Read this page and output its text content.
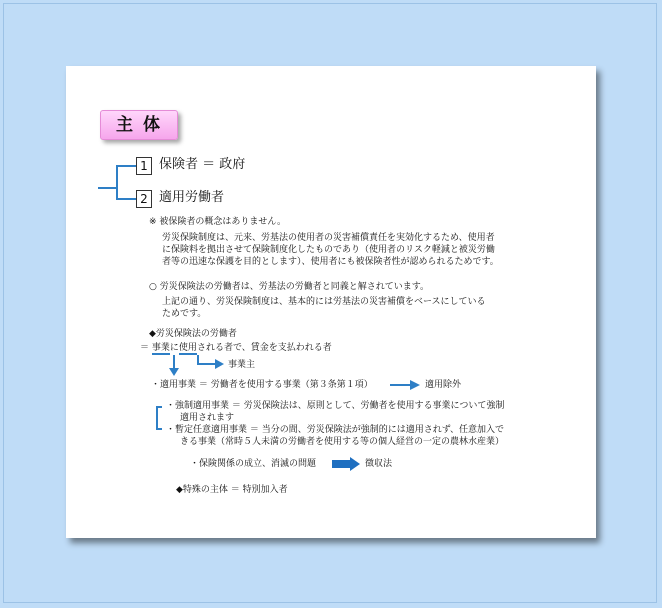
主 体
1 保険者 ＝ 政府
2 適用労働者
※ 被保険者の概念はありません。
労災保険制度は、元来、労基法の使用者の災害補償責任を実効化するため、使用者
に保険料を拠出させて保険制度化したものであり（使用者のリスク軽減と被災労働
者等の迅速な保護を目的とします）、使用者にも被保険者性が認められるためです。
○ 労災保険法の労働者は、労基法の労働者と同義と解されています。
上記の通り、労災保険制度は、基本的には労基法の災害補償をベースにしている
ためです。
◆労災保険法の労働者
＝ 事業に使用される者で、賃金を支払われる者
事業主
・適用事業 ＝ 労働者を使用する事業（第３条第１項）	適用除外
・強制適用事業 ＝ 労災保険法は、原則として、労働者を使用する事業について強制
適用されます
・暫定任意適用事業 ＝ 当分の間、労災保険法が強制的には適用されず、任意加入で
きる事業（常時５人未満の労働者を使用する等の個人経営の一定の農林水産業）
・保険関係の成立、消滅の問題	徴収法
◆特殊の主体 ＝ 特別加入者
